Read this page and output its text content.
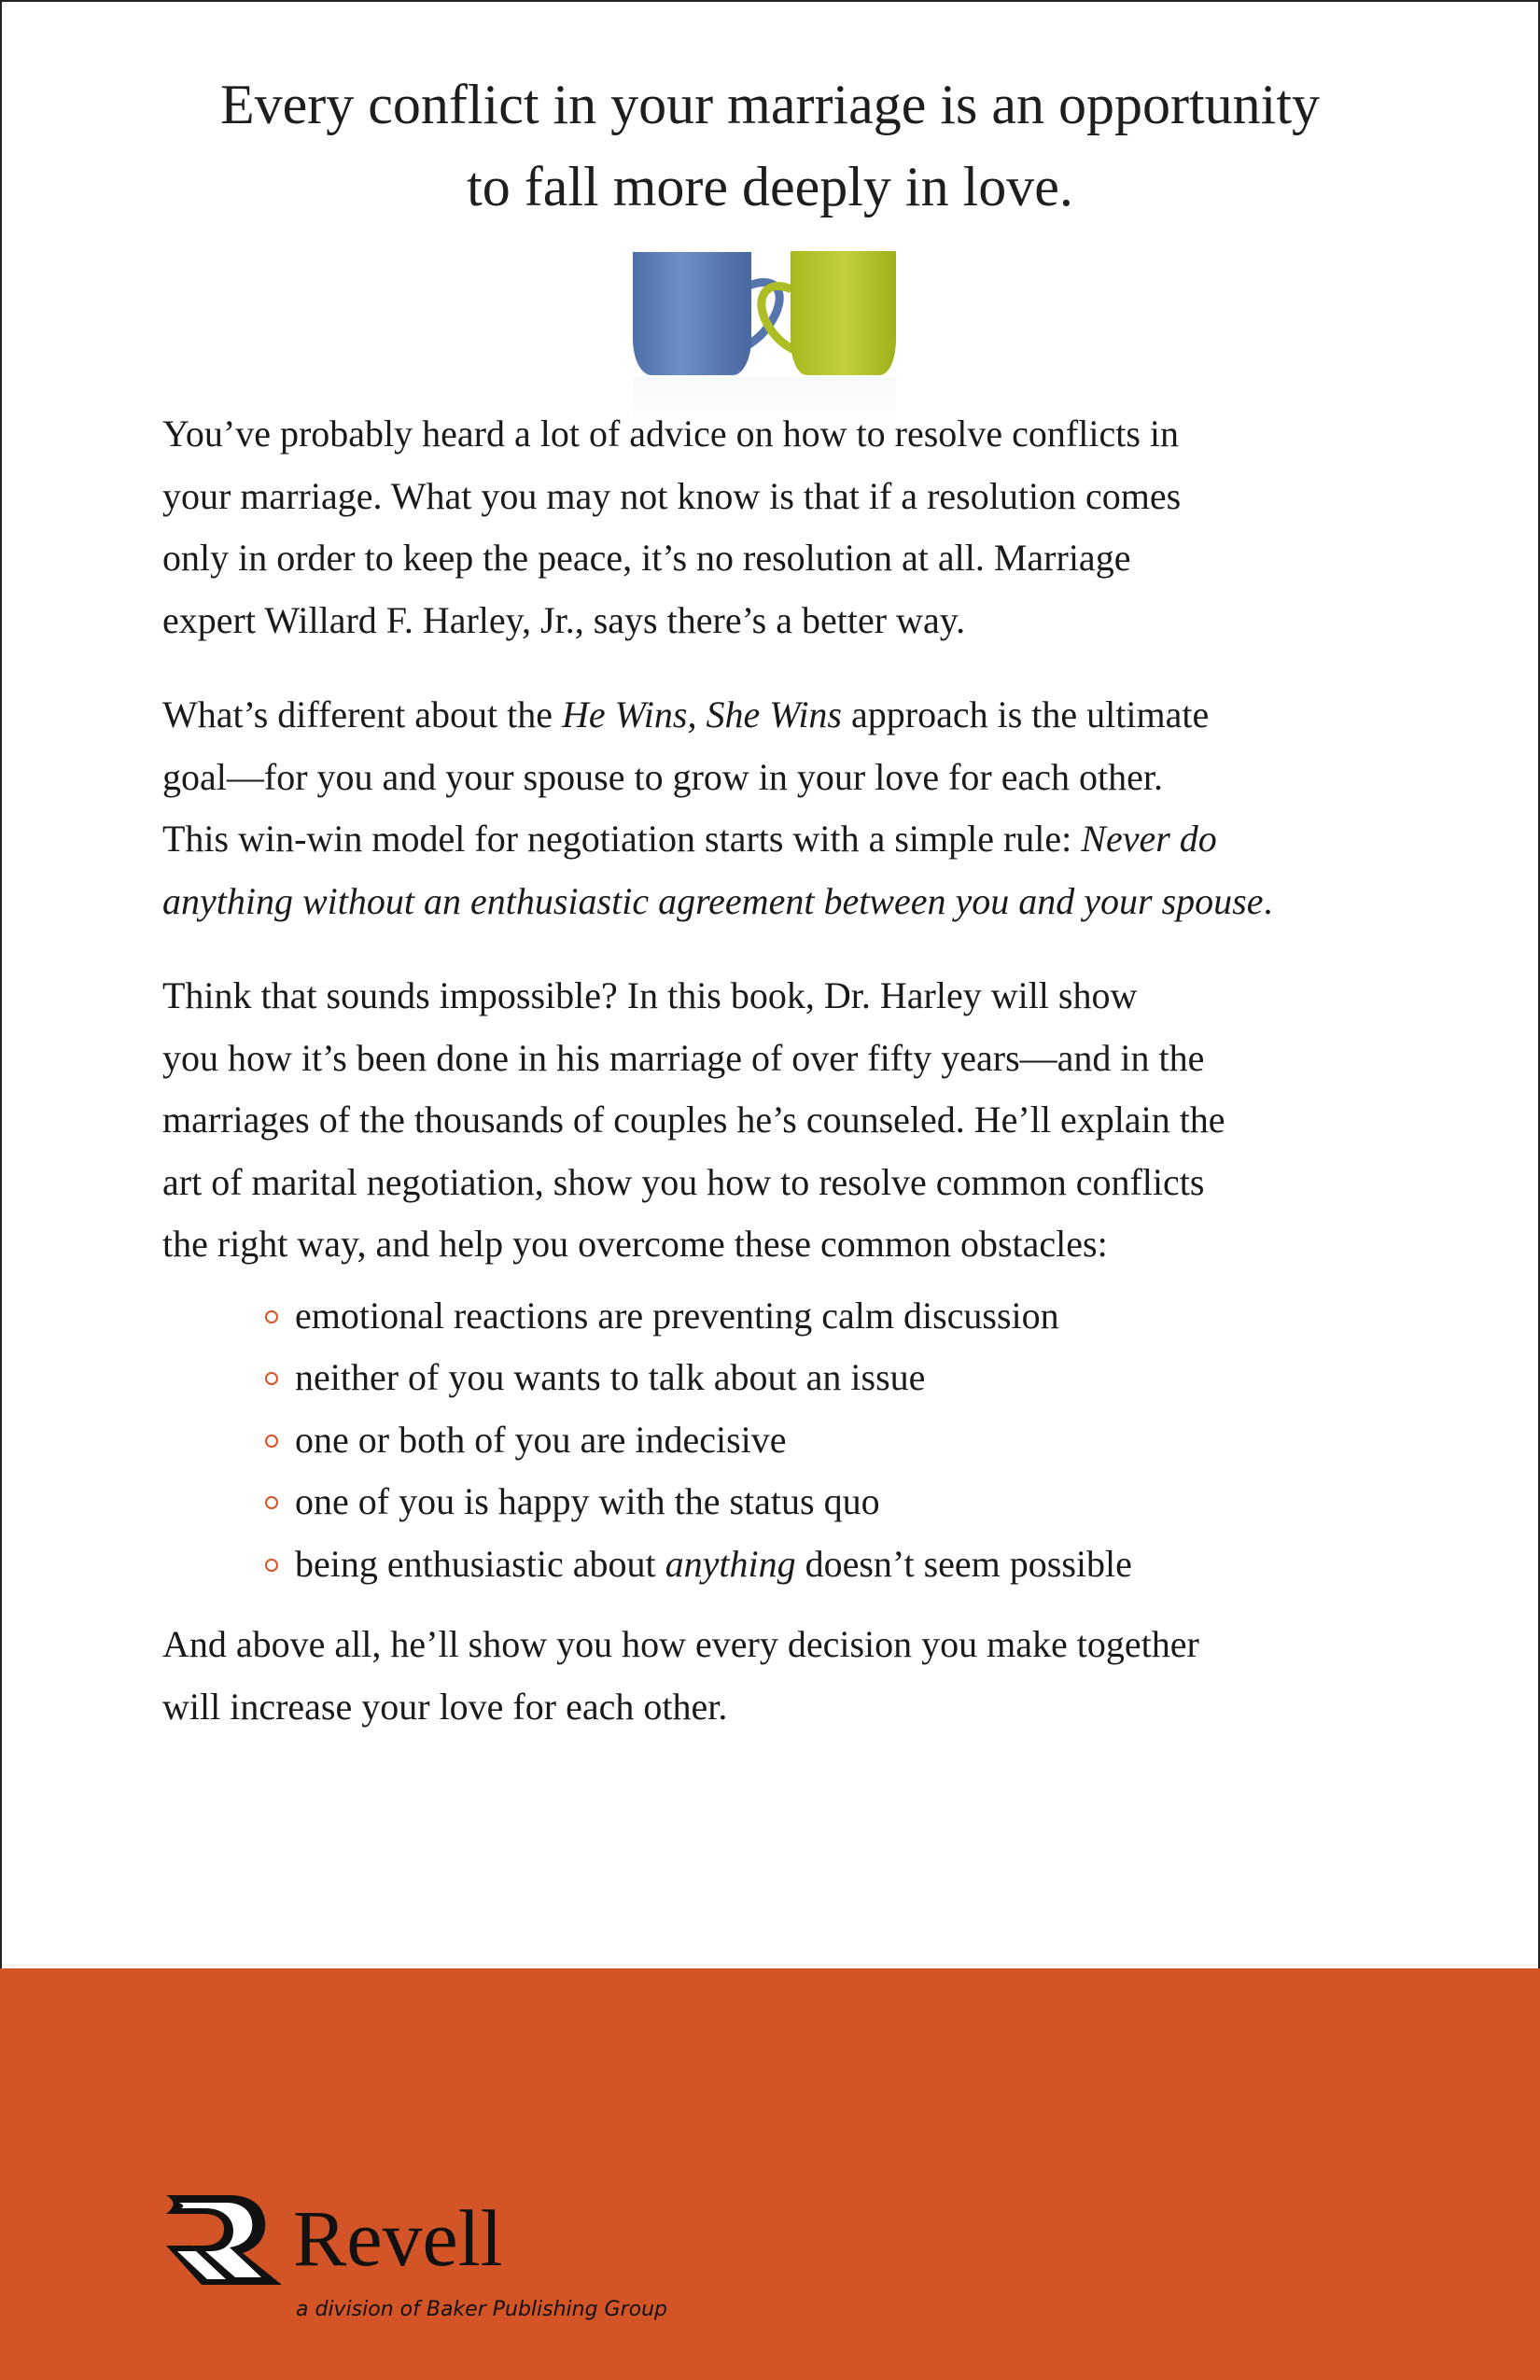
Every conflict in your marriage is an opportunity
to fall more deeply in love.

You’ve probably heard a lot of advice on how to resolve conflicts in
your marriage. What you may not know is that if a resolution comes
only in order to keep the peace, it’s no resolution at all. Marriage
expert Willard F. Harley, Jr., says there’s a better way.

What’s different about the He Wins, She Wins approach is the ultimate
goal—for you and your spouse to grow in your love for each other.
This win-win model for negotiation starts with a simple rule: Never do
anything without an enthusiastic agreement between you and your spouse.

Think that sounds impossible? In this book, Dr. Harley will show
you how it’s been done in his marriage of over fifty years—and in the
marriages of the thousands of couples he’s counseled. He’ll explain the
art of marital negotiation, show you how to resolve common conflicts
the right way, and help you overcome these common obstacles:

emotional reactions are preventing calm discussion
neither of you wants to talk about an issue
one or both of you are indecisive
one of you is happy with the status quo
being enthusiastic about anything doesn’t seem possible

And above all, he’ll show you how every decision you make together
will increase your love for each other.

Revell
a division of Baker Publishing Group
